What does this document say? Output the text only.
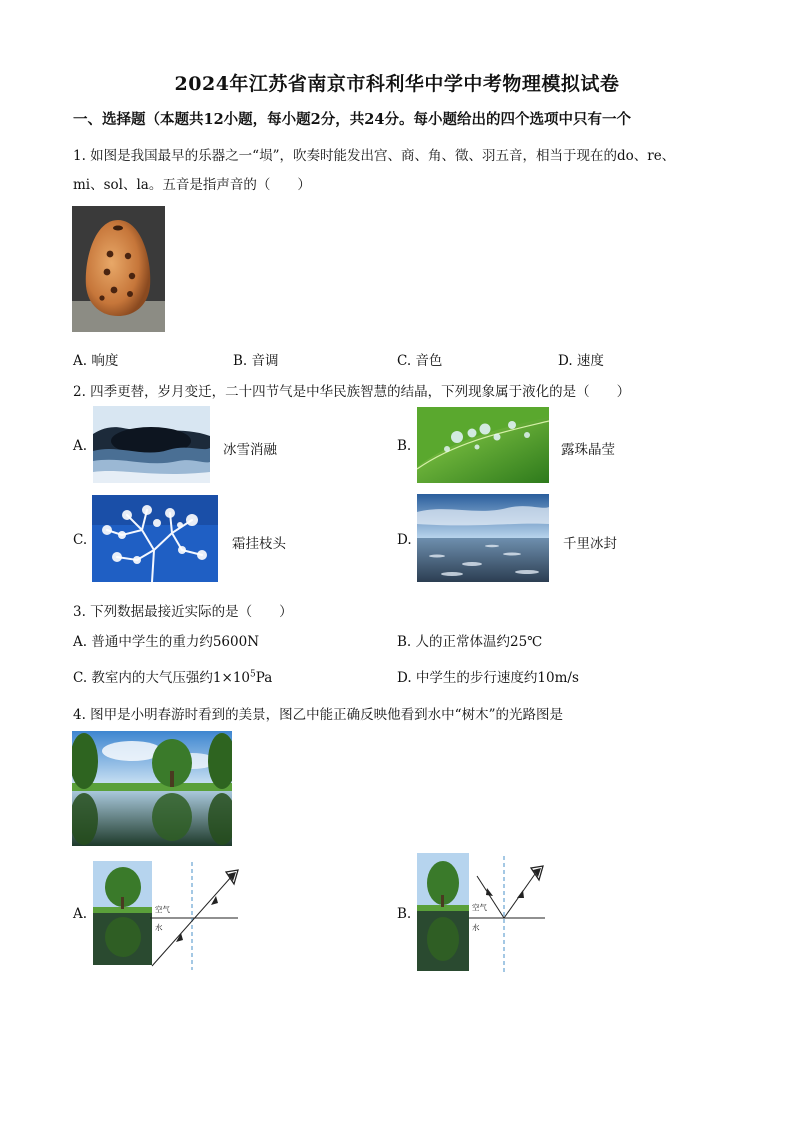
2024年江苏省南京市科利华中学中考物理模拟试卷
一、选择题（本题共12小题，每小题2分，共24分。每小题给出的四个选项中只有一个
1. 如图是我国最早的乐器之一“埙”，吹奏时能发出宫、商、角、徵、羽五音，相当于现在的do、re、
mi、sol、la。五音是指声音的（　　）
A. 响度	B. 音调	C. 音色	D. 速度
2. 四季更替，岁月变迁，二十四节气是中华民族智慧的结晶，下列现象属于液化的是（　　）
A.	冰雪消融	B.	露珠晶莹
C.	霜挂枝头	D.	千里冰封
3. 下列数据最接近实际的是（　　）
A. 普通中学生的重力约5600N	B. 人的正常体温约25℃
C. 教室内的大气压强约$1\times 10^5Pa$	D. 中学生的步行速度约10m/s
4. 图甲是小明春游时看到的美景，图乙中能正确反映他看到水中“树木”的光路图是
A.	空气
水
B.	空气
水
